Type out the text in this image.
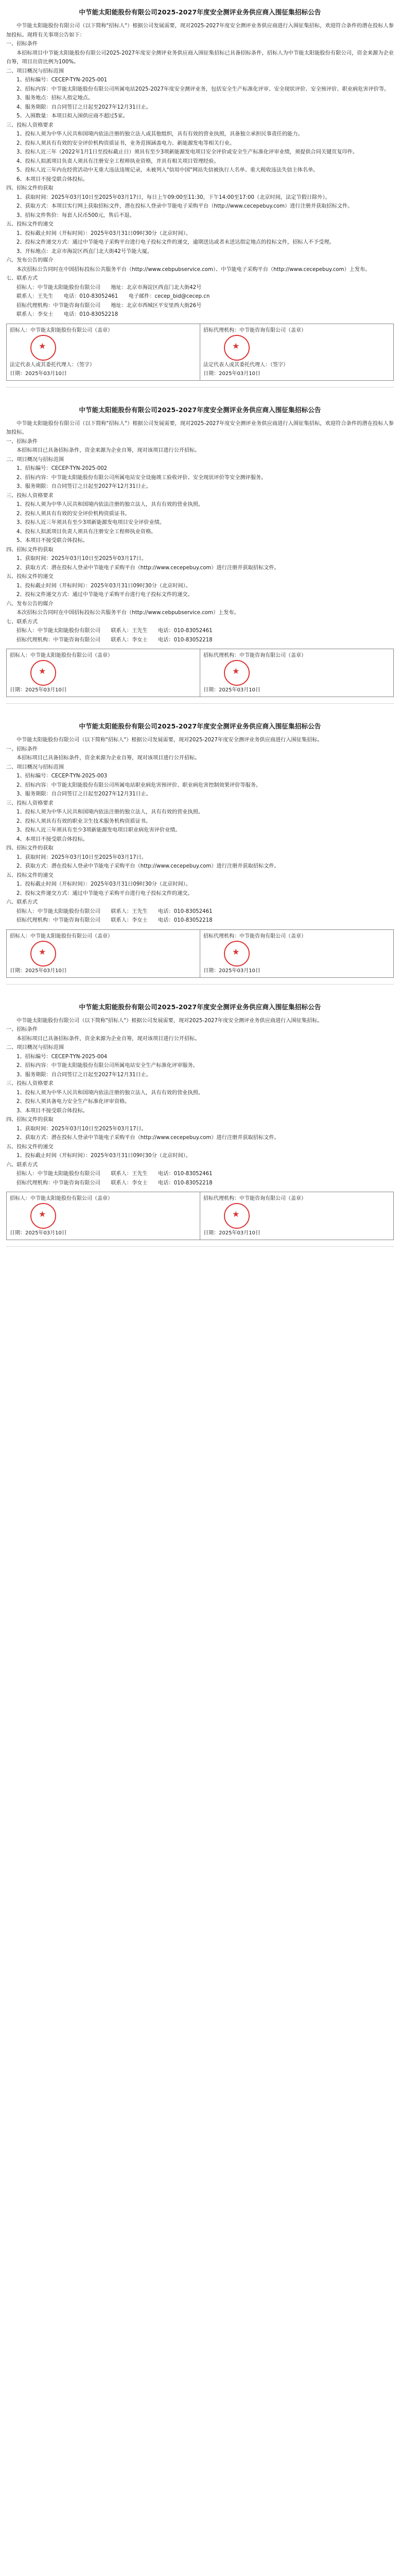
中节能太阳能股份有限公司2025-2027年度安全测评业务供应商入围征集招标公告

中节能太阳能股份有限公司（以下简称"招标人"）根据公司发展需要，现对2025-2027年度安全测评业务供应商进行入围征集招标，欢迎符合条件的潜在投标人参加投标。现将有关事项公告如下：

一、招标条件

本招标项目中节能太阳能股份有限公司2025-2027年度安全测评业务供应商入围征集招标已具备招标条件，招标人为中节能太阳能股份有限公司，资金来源为企业自筹，项目出资比例为100%。

二、项目概况与招标范围

1、招标编号：CECEP-TYN-2025-001

2、招标内容：中节能太阳能股份有限公司所属电站2025-2027年度安全测评业务，包括安全生产标准化评审、安全现状评价、安全预评价、职业病危害评价等。

3、服务地点：招标人指定地点。

4、服务期限：自合同签订之日起至2027年12月31日止。

5、入围数量：本项目拟入围供应商不超过5家。

三、投标人资格要求

1、投标人须为中华人民共和国境内依法注册的独立法人或其他组织，具有有效的营业执照，具备独立承担民事责任的能力。

2、投标人须具有有效的安全评价机构资质证书，业务范围涵盖电力、新能源发电等相关行业。

3、投标人近三年（2022年1月1日至投标截止日）须具有至少3项新能源发电项目安全评价或安全生产标准化评审业绩，须提供合同关键页复印件。

4、投标人拟派项目负责人须具有注册安全工程师执业资格，并具有相关项目管理经验。

5、投标人近三年内在经营活动中无重大违法违规记录，未被列入"信用中国"网站失信被执行人名单、重大税收违法失信主体名单。

6、本项目不接受联合体投标。

四、招标文件的获取

1、获取时间：2025年03月10日至2025年03月17日，每日上午09:00至11:30，下午14:00至17:00（北京时间，法定节假日除外）。

2、获取方式：本项目实行网上获取招标文件，潜在投标人登录中节能电子采购平台（http://www.cecepebuy.com）进行注册并获取招标文件。

3、招标文件售价：每套人民币500元，售后不退。

五、投标文件的递交

1、投标截止时间（开标时间）：2025年03月31日09时30分（北京时间）。

2、投标文件递交方式：通过中节能电子采购平台进行电子投标文件的递交，逾期送达或者未送达指定地点的投标文件，招标人不予受理。

3、开标地点：北京市海淀区西直门北大街42号节能大厦。

六、发布公告的媒介

本次招标公告同时在中国招标投标公共服务平台（http://www.cebpubservice.com）、中节能电子采购平台（http://www.cecepebuy.com）上发布。

七、联系方式

招标人：中节能太阳能股份有限公司　　地址：北京市海淀区西直门北大街42号

联系人：王先生　　电话：010-83052461　　电子邮件：cecep_bid@cecep.cn

招标代理机构：中节能咨询有限公司　　地址：北京市西城区平安里西大街26号

联系人：李女士　　电话：010-83052218

招标人：中节能太阳能股份有限公司（盖章）
★
法定代表人或其委托代理人：（签字）
日期：2025年03月10日

招标代理机构：中节能咨询有限公司（盖章）
★
法定代表人或其委托代理人：（签字）
日期：2025年03月10日
中节能太阳能股份有限公司2025-2027年度安全测评业务供应商入围征集招标公告

中节能太阳能股份有限公司（以下简称"招标人"）根据公司发展需要，现对2025-2027年度安全测评业务供应商进行入围征集招标，欢迎符合条件的潜在投标人参加投标。

一、招标条件

本招标项目已具备招标条件，资金来源为企业自筹，现对该项目进行公开招标。

二、项目概况与招标范围

1、招标编号：CECEP-TYN-2025-002

2、招标内容：中节能太阳能股份有限公司所属电站安全设施竣工验收评价、安全现状评价等安全测评服务。

3、服务期限：自合同签订之日起至2027年12月31日止。

三、投标人资格要求

1、投标人须为中华人民共和国境内依法注册的独立法人，具有有效的营业执照。

2、投标人须具有有效的安全评价机构资质证书。

3、投标人近三年须具有至少3项新能源发电项目安全评价业绩。

4、投标人拟派项目负责人须具有注册安全工程师执业资格。

5、本项目不接受联合体投标。

四、招标文件的获取

1、获取时间：2025年03月10日至2025年03月17日。

2、获取方式：潜在投标人登录中节能电子采购平台（http://www.cecepebuy.com）进行注册并获取招标文件。

五、投标文件的递交

1、投标截止时间（开标时间）：2025年03月31日09时30分（北京时间）。

2、投标文件递交方式：通过中节能电子采购平台进行电子投标文件的递交。

六、发布公告的媒介

本次招标公告同时在中国招标投标公共服务平台（http://www.cebpubservice.com）上发布。

七、联系方式

招标人：中节能太阳能股份有限公司　　联系人：王先生　　电话：010-83052461

招标代理机构：中节能咨询有限公司　　联系人：李女士　　电话：010-83052218

招标人：中节能太阳能股份有限公司（盖章）
★
日期：2025年03月10日

招标代理机构：中节能咨询有限公司（盖章）
★
日期：2025年03月10日
中节能太阳能股份有限公司2025-2027年度安全测评业务供应商入围征集招标公告

中节能太阳能股份有限公司（以下简称"招标人"）根据公司发展需要，现对2025-2027年度安全测评业务供应商进行入围征集招标。

一、招标条件

本招标项目已具备招标条件，资金来源为企业自筹，现对该项目进行公开招标。

二、项目概况与招标范围

1、招标编号：CECEP-TYN-2025-003

2、招标内容：中节能太阳能股份有限公司所属电站职业病危害预评价、职业病危害控制效果评价等服务。

3、服务期限：自合同签订之日起至2027年12月31日止。

三、投标人资格要求

1、投标人须为中华人民共和国境内依法注册的独立法人，具有有效的营业执照。

2、投标人须具有有效的职业卫生技术服务机构资质证书。

3、投标人近三年须具有至少3项新能源发电项目职业病危害评价业绩。

4、本项目不接受联合体投标。

四、招标文件的获取

1、获取时间：2025年03月10日至2025年03月17日。

2、获取方式：潜在投标人登录中节能电子采购平台（http://www.cecepebuy.com）进行注册并获取招标文件。

五、投标文件的递交

1、投标截止时间（开标时间）：2025年03月31日09时30分（北京时间）。

2、投标文件递交方式：通过中节能电子采购平台进行电子投标文件的递交。

六、联系方式

招标人：中节能太阳能股份有限公司　　联系人：王先生　　电话：010-83052461

招标代理机构：中节能咨询有限公司　　联系人：李女士　　电话：010-83052218

招标人：中节能太阳能股份有限公司（盖章）
★
日期：2025年03月10日

招标代理机构：中节能咨询有限公司（盖章）
★
日期：2025年03月10日
中节能太阳能股份有限公司2025-2027年度安全测评业务供应商入围征集招标公告

中节能太阳能股份有限公司（以下简称"招标人"）根据公司发展需要，现对2025-2027年度安全测评业务供应商进行入围征集招标。

一、招标条件

本招标项目已具备招标条件，资金来源为企业自筹，现对该项目进行公开招标。

二、项目概况与招标范围

1、招标编号：CECEP-TYN-2025-004

2、招标内容：中节能太阳能股份有限公司所属电站安全生产标准化评审服务。

3、服务期限：自合同签订之日起至2027年12月31日止。

三、投标人资格要求

1、投标人须为中华人民共和国境内依法注册的独立法人，具有有效的营业执照。

2、投标人须具备电力安全生产标准化评审资格。

3、本项目不接受联合体投标。

四、招标文件的获取

1、获取时间：2025年03月10日至2025年03月17日。

2、获取方式：潜在投标人登录中节能电子采购平台（http://www.cecepebuy.com）进行注册并获取招标文件。

五、投标文件的递交

1、投标截止时间（开标时间）：2025年03月31日09时30分（北京时间）。

六、联系方式

招标人：中节能太阳能股份有限公司　　联系人：王先生　　电话：010-83052461

招标代理机构：中节能咨询有限公司　　联系人：李女士　　电话：010-83052218

招标人：中节能太阳能股份有限公司（盖章）
★
日期：2025年03月10日

招标代理机构：中节能咨询有限公司（盖章）
★
日期：2025年03月10日
